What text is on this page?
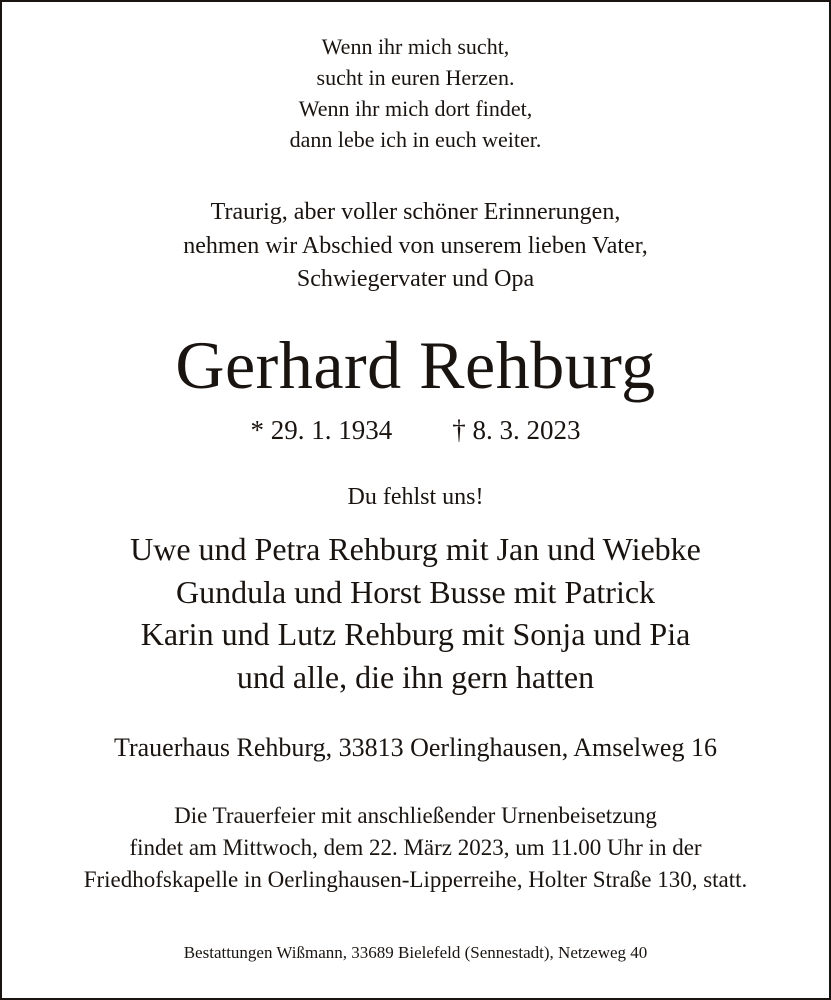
Wenn ihr mich sucht,
sucht in euren Herzen.
Wenn ihr mich dort findet,
dann lebe ich in euch weiter.
Traurig, aber voller schöner Erinnerungen,
nehmen wir Abschied von unserem lieben Vater,
Schwiegervater und Opa
Gerhard Rehburg
* 29. 1. 1934 † 8. 3. 2023
Du fehlst uns!
Uwe und Petra Rehburg mit Jan und Wiebke
Gundula und Horst Busse mit Patrick
Karin und Lutz Rehburg mit Sonja und Pia
und alle, die ihn gern hatten
Trauerhaus Rehburg, 33813 Oerlinghausen, Amselweg 16
Die Trauerfeier mit anschließender Urnenbeisetzung
findet am Mittwoch, dem 22. März 2023, um 11.00 Uhr in der
Friedhofskapelle in Oerlinghausen-Lipperreihe, Holter Straße 130, statt.
Bestattungen Wißmann, 33689 Bielefeld (Sennestadt), Netzeweg 40
